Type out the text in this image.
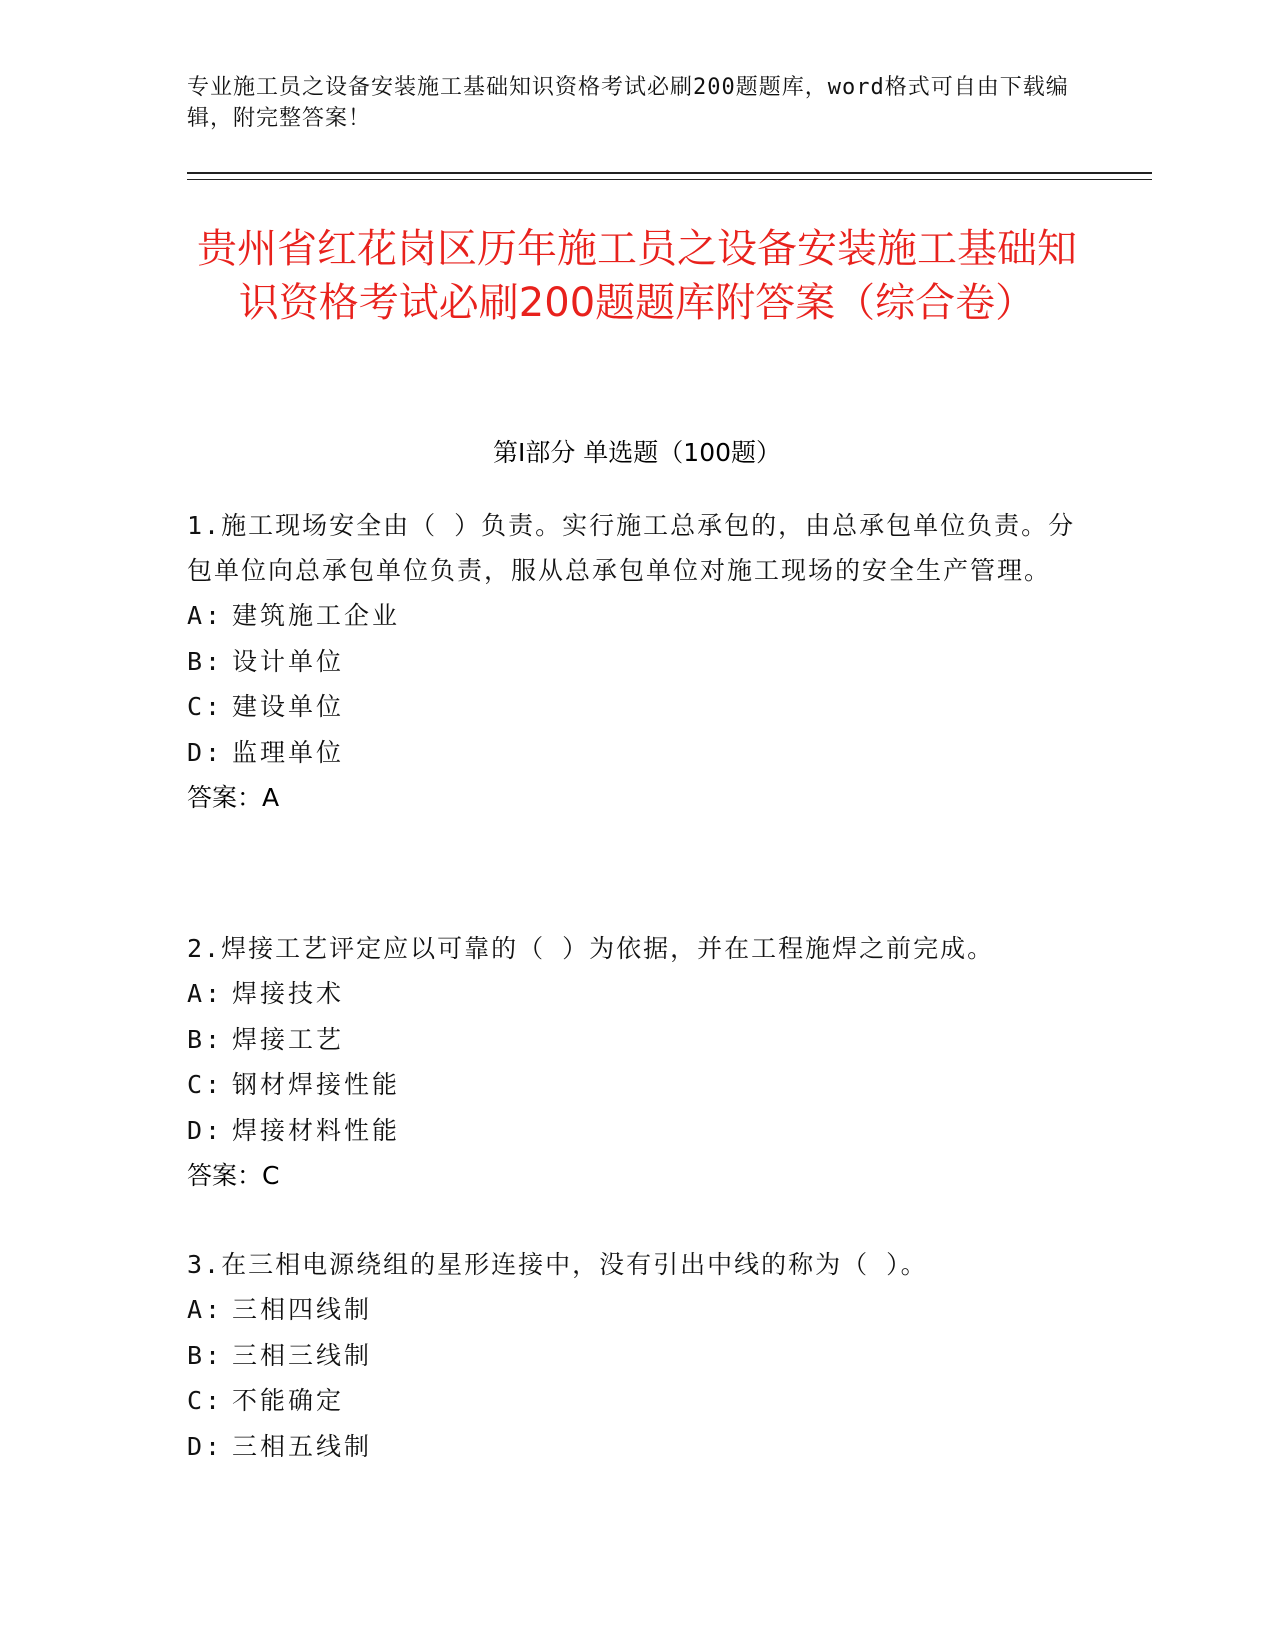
专业施工员之设备安装施工基础知识资格考试必刷200题题库，word格式可自由下载编辑，附完整答案！
贵州省红花岗区历年施工员之设备安装施工基础知识资格考试必刷200题题库附答案（综合卷）
第I部分 单选题（100题）

1.施工现场安全由（ ）负责。实行施工总承包的，由总承包单位负责。分包单位向总承包单位负责，服从总承包单位对施工现场的安全生产管理。

A: 建筑施工企业
B: 设计单位
C: 建设单位
D: 监理单位
答案：A

2.焊接工艺评定应以可靠的（ ）为依据，并在工程施焊之前完成。

A: 焊接技术
B: 焊接工艺
C: 钢材焊接性能
D: 焊接材料性能
答案：C

3.在三相电源绕组的星形连接中，没有引出中线的称为（ ）。

A: 三相四线制
B: 三相三线制
C: 不能确定
D: 三相五线制
